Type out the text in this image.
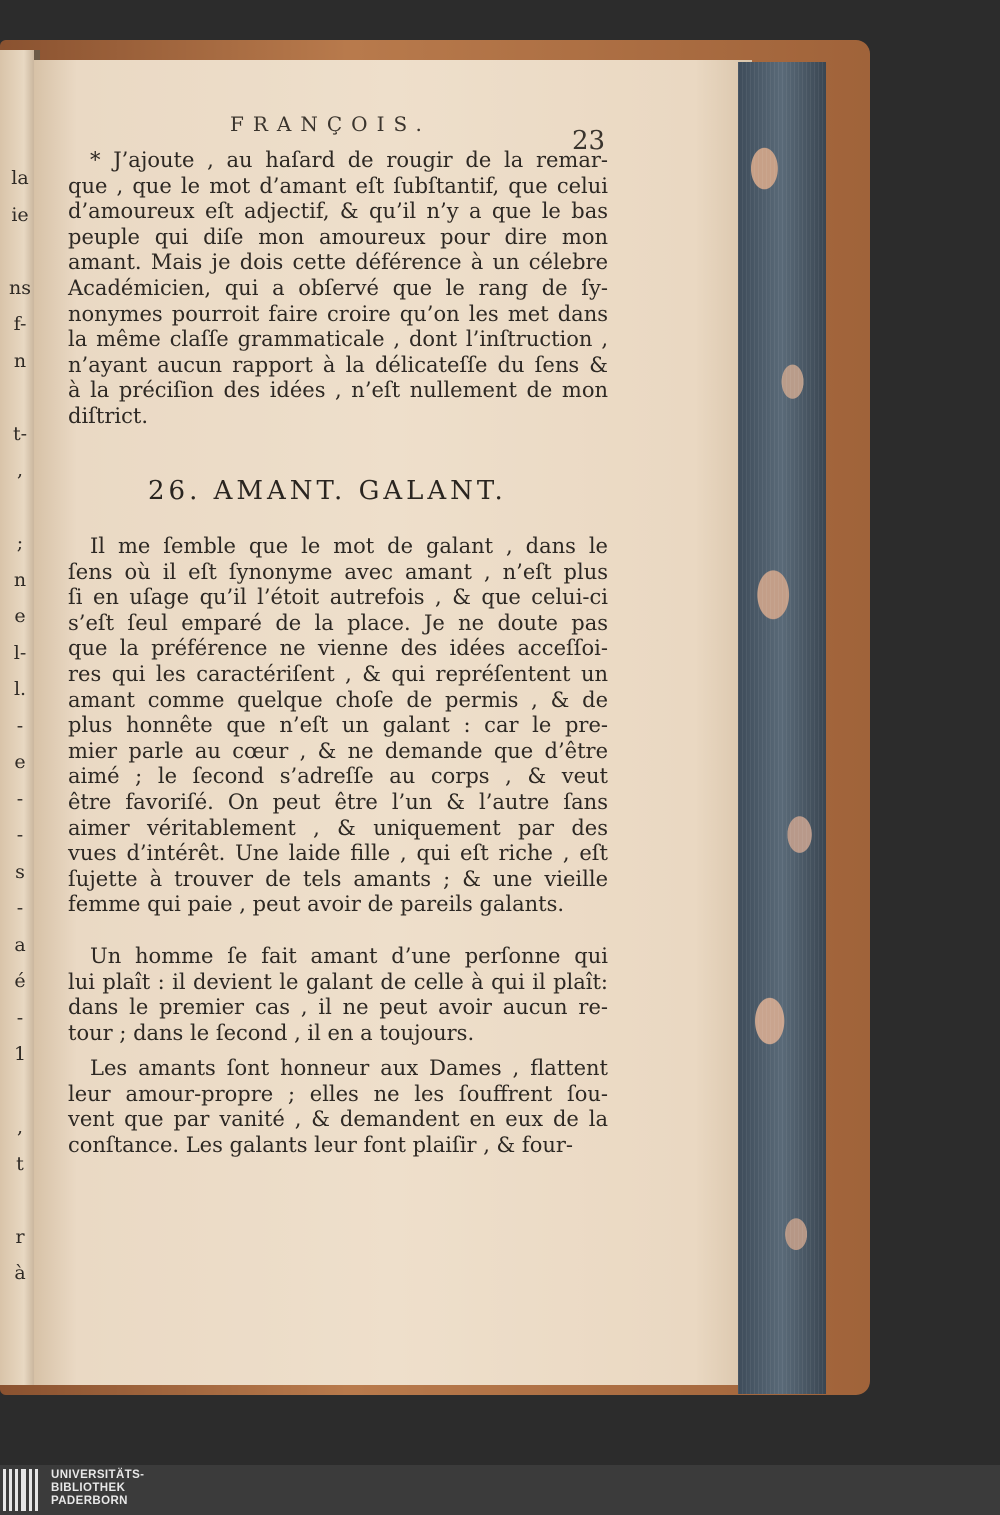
la
ie
ns
f-
n
t-
,
;
n
e
l-
l.
-
e
-
-
s
-
a
é
-
1
,
t
r
à
FRANÇOIS.
23
* J’ajoute , au haſard de rougir de la remar-
que , que le mot d’amant eſt ſubſtantif, que celui
d’amoureux eſt adjectif, & qu’il n’y a que le bas
peuple qui diſe mon amoureux pour dire mon
amant. Mais je dois cette déférence à un célebre
Académicien, qui a obſervé que le rang de ſy-
nonymes pourroit faire croire qu’on les met dans
la même claſſe grammaticale , dont l’inſtruction ,
n’ayant aucun rapport à la délicateſſe du ſens &
à la préciſion des idées , n’eſt nullement de mon
diſtrict.
26. AMANT. GALANT.
Il me ſemble que le mot de galant , dans le
ſens où il eſt ſynonyme avec amant , n’eſt plus
ſi en uſage qu’il l’étoit autrefois , & que celui-ci
s’eſt ſeul emparé de la place. Je ne doute pas
que la préférence ne vienne des idées acceſſoi-
res qui les caractériſent , & qui repréſentent un
amant comme quelque choſe de permis , & de
plus honnête que n’eſt un galant : car le pre-
mier parle au cœur , & ne demande que d’être
aimé ; le ſecond s’adreſſe au corps , & veut
être favoriſé. On peut être l’un & l’autre ſans
aimer véritablement , & uniquement par des
vues d’intérêt. Une laide fille , qui eſt riche , eſt
ſujette à trouver de tels amants ; & une vieille
femme qui paie , peut avoir de pareils galants.
Un homme ſe fait amant d’une perſonne qui
lui plaît : il devient le galant de celle à qui il plaît:
dans le premier cas , il ne peut avoir aucun re-
tour ; dans le ſecond , il en a toujours.
Les amants ſont honneur aux Dames , flattent
leur amour-propre ; elles ne les ſouffrent ſou-
vent que par vanité , & demandent en eux de la
conſtance. Les galants leur font plaiſir , & four-
UNIVERSITÄTS-
BIBLIOTHEK
PADERBORN
